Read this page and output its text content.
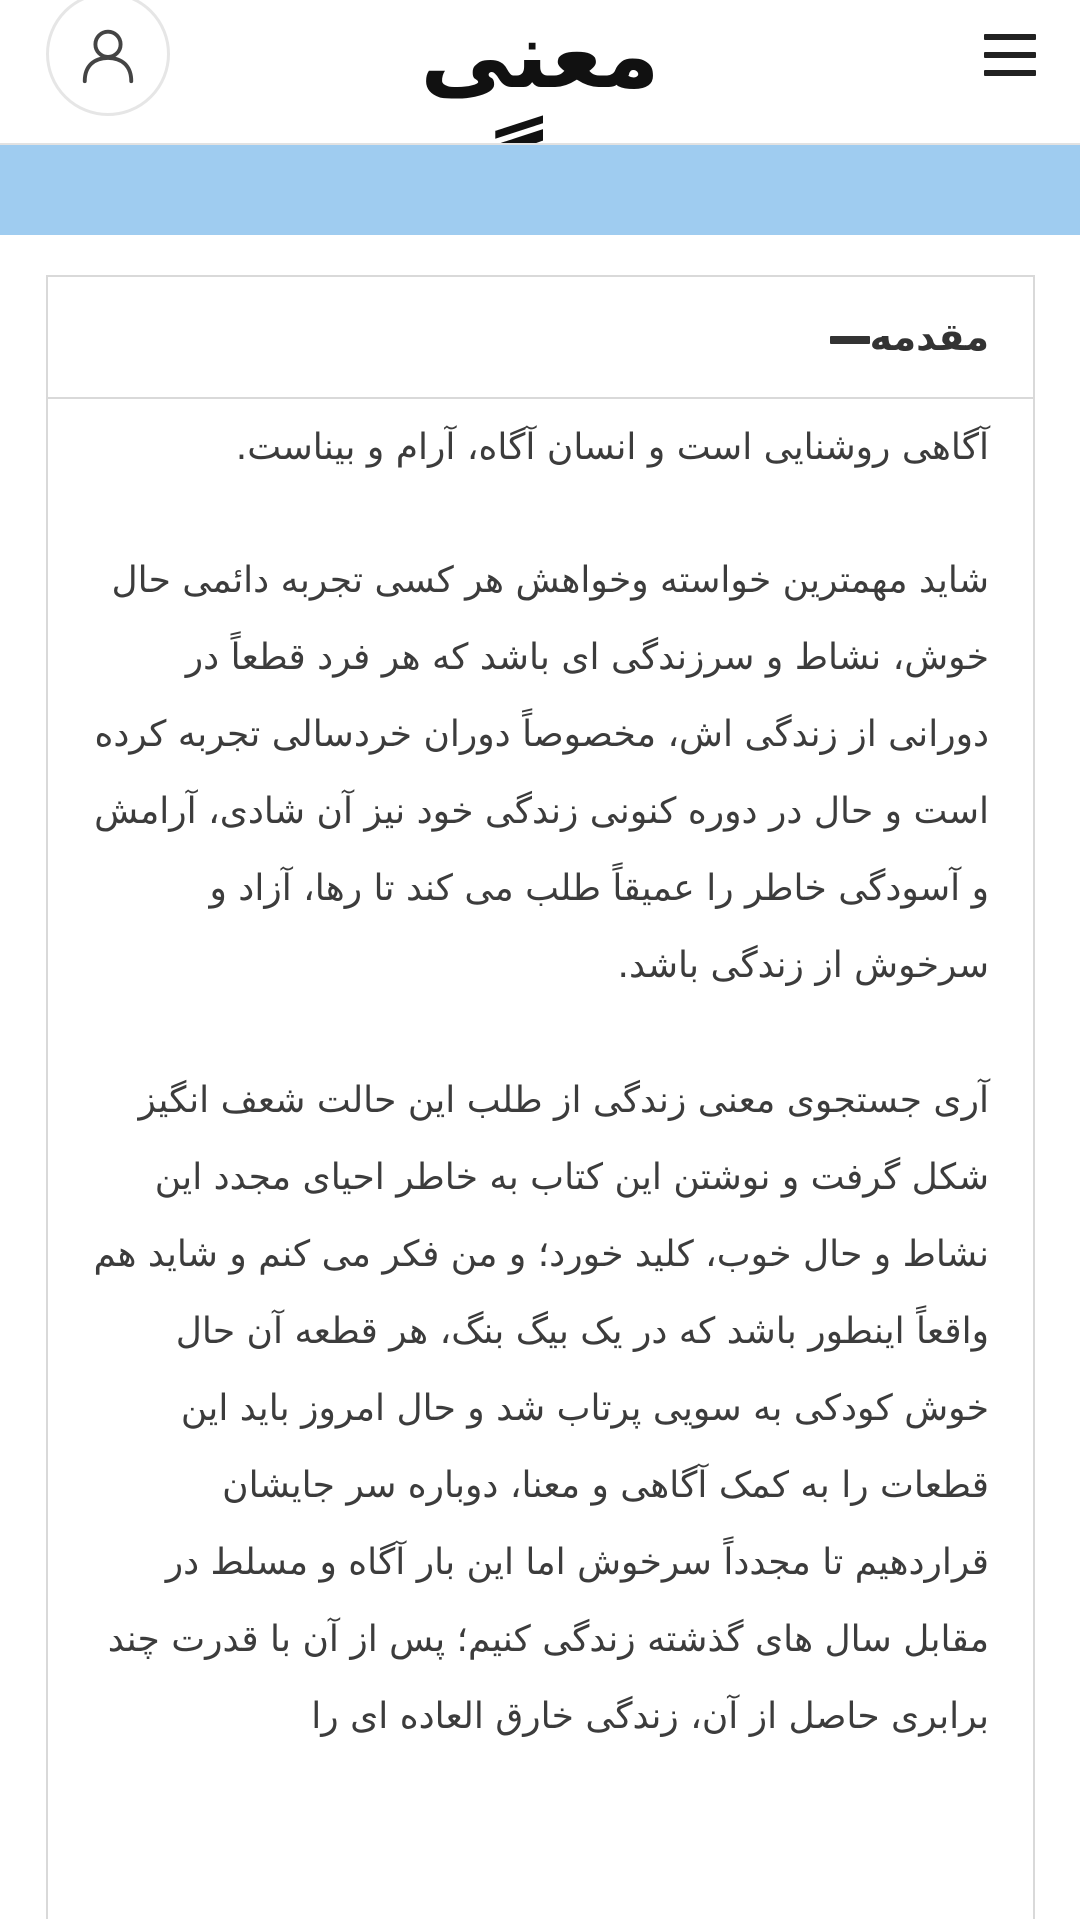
معنی
مقدمه

آگاهی روشنایی است و انسان آگاه، آرام و بیناست.

شاید مهمترین خواسته وخواهش هر کسی تجربه دائمی حال خوش، نشاط و سرزندگی ای باشد که هر فرد قطعاً در دورانی از زندگی اش، مخصوصاً دوران خردسالی تجربه کرده است و حال در دوره کنونی زندگی خود نیز آن شادی، آرامش و آسودگی خاطر را عمیقاً طلب می کند تا رها، آزاد و سرخوش از زندگی باشد.

آری جستجوی معنی زندگی از طلب این حالت شعف انگیز شکل گرفت و نوشتن این کتاب به خاطر احیای مجدد این نشاط و حال خوب، کلید خورد؛ و من فکر می کنم و شاید هم واقعاً اینطور باشد که در یک بیگ بنگ، هر قطعه آن حال خوش کودکی به سویی پرتاب شد و حال امروز باید این قطعات را به کمک آگاهی و معنا، دوباره سر جایشان قراردهیم تا مجدداً سرخوش اما این بار آگاه و مسلط در مقابل سال های گذشته زندگی کنیم؛ پس از آن با قدرت چند برابری حاصل از آن، زندگی خارق العاده ای را
